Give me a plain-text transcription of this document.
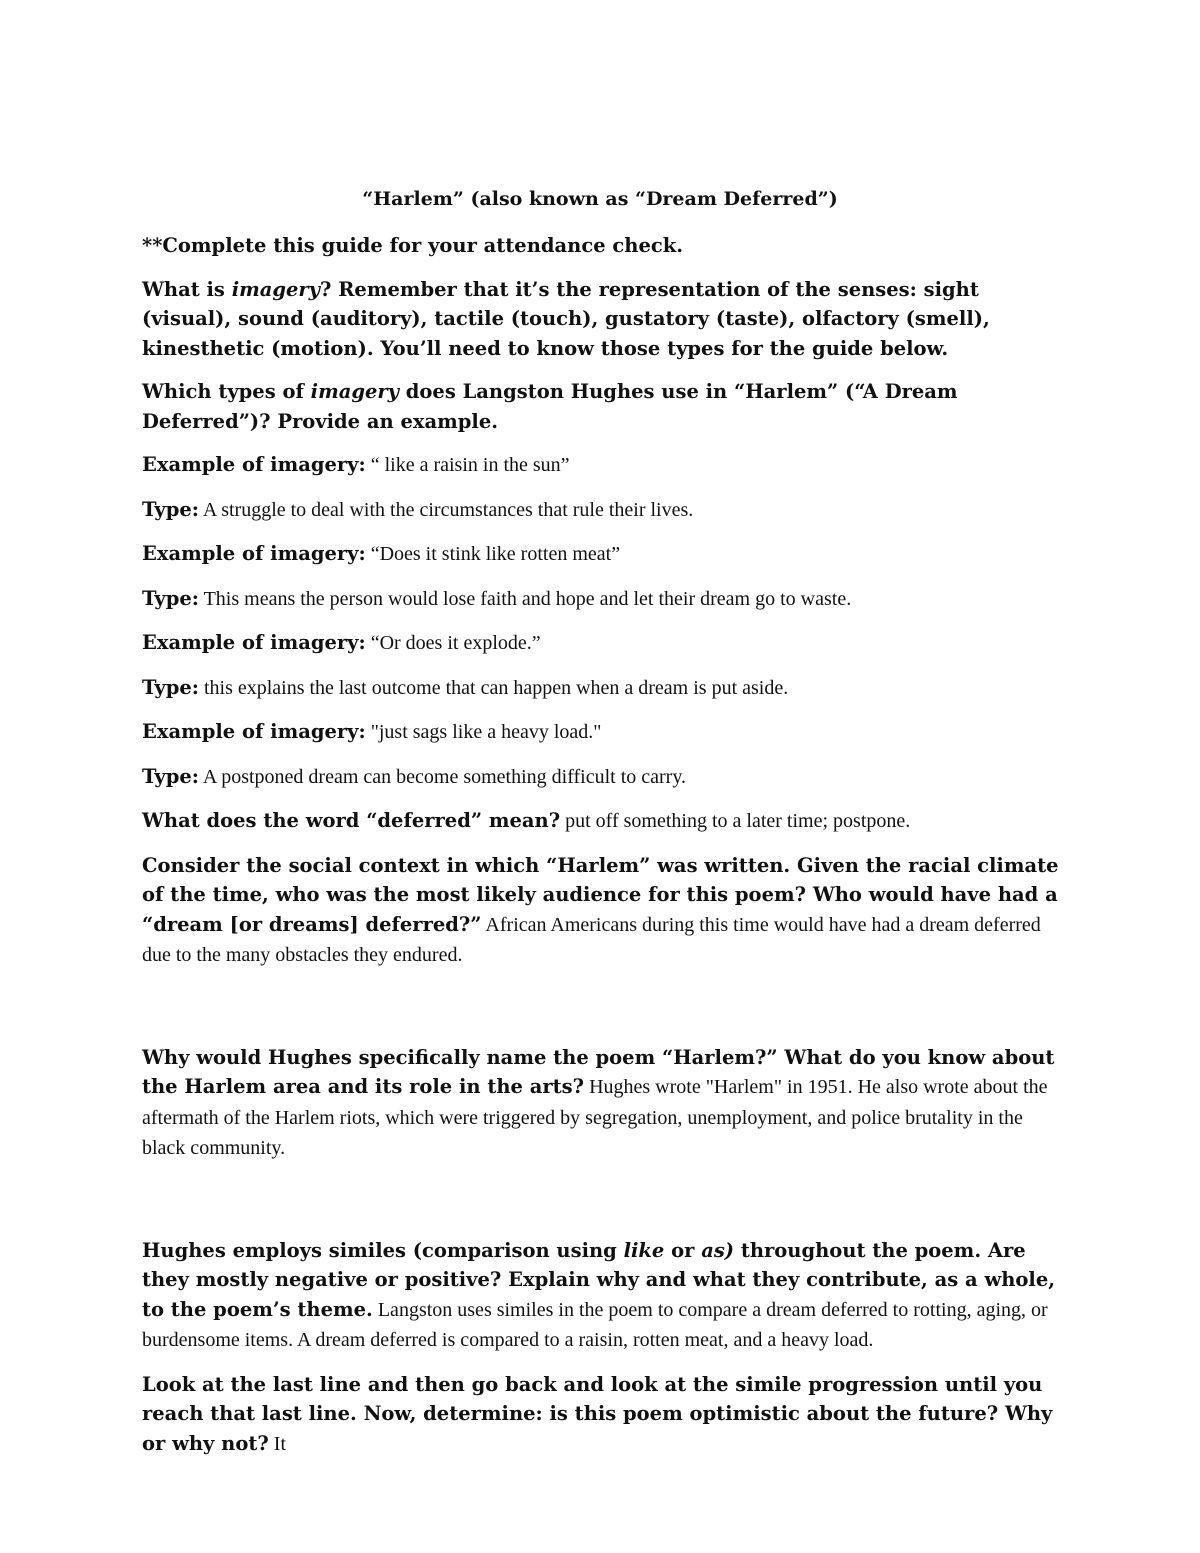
“Harlem” (also known as “Dream Deferred”)

**Complete this guide for your attendance check.

What is imagery? Remember that it’s the representation of the senses: sight (visual), sound (auditory), tactile (touch), gustatory (taste), olfactory (smell), kinesthetic (motion). You’ll need to know those types for the guide below.

Which types of imagery does Langston Hughes use in “Harlem” (“A Dream Deferred”)? Provide an example.

Example of imagery: “ like a raisin in the sun”

Type: A struggle to deal with the circumstances that rule their lives.

Example of imagery: “Does it stink like rotten meat”

Type: This means the person would lose faith and hope and let their dream go to waste.

Example of imagery: “Or does it explode.”

Type: this explains the last outcome that can happen when a dream is put aside.

Example of imagery: "just sags like a heavy load."

Type: A postponed dream can become something difficult to carry.

What does the word “deferred” mean? put off something to a later time; postpone.

Consider the social context in which “Harlem” was written. Given the racial climate of the time, who was the most likely audience for this poem? Who would have had a “dream [or dreams] deferred?” African Americans during this time would have had a dream deferred due to the many obstacles they endured.

Why would Hughes specifically name the poem “Harlem?” What do you know about the Harlem area and its role in the arts? Hughes wrote "Harlem" in 1951. He also wrote about the aftermath of the Harlem riots, which were triggered by segregation, unemployment, and police brutality in the black community.

Hughes employs similes (comparison using like or as) throughout the poem. Are they mostly negative or positive? Explain why and what they contribute, as a whole, to the poem’s theme. Langston uses similes in the poem to compare a dream deferred to rotting, aging, or burdensome items. A dream deferred is compared to a raisin, rotten meat, and a heavy load.

Look at the last line and then go back and look at the simile progression until you reach that last line. Now, determine: is this poem optimistic about the future? Why or why not? It
